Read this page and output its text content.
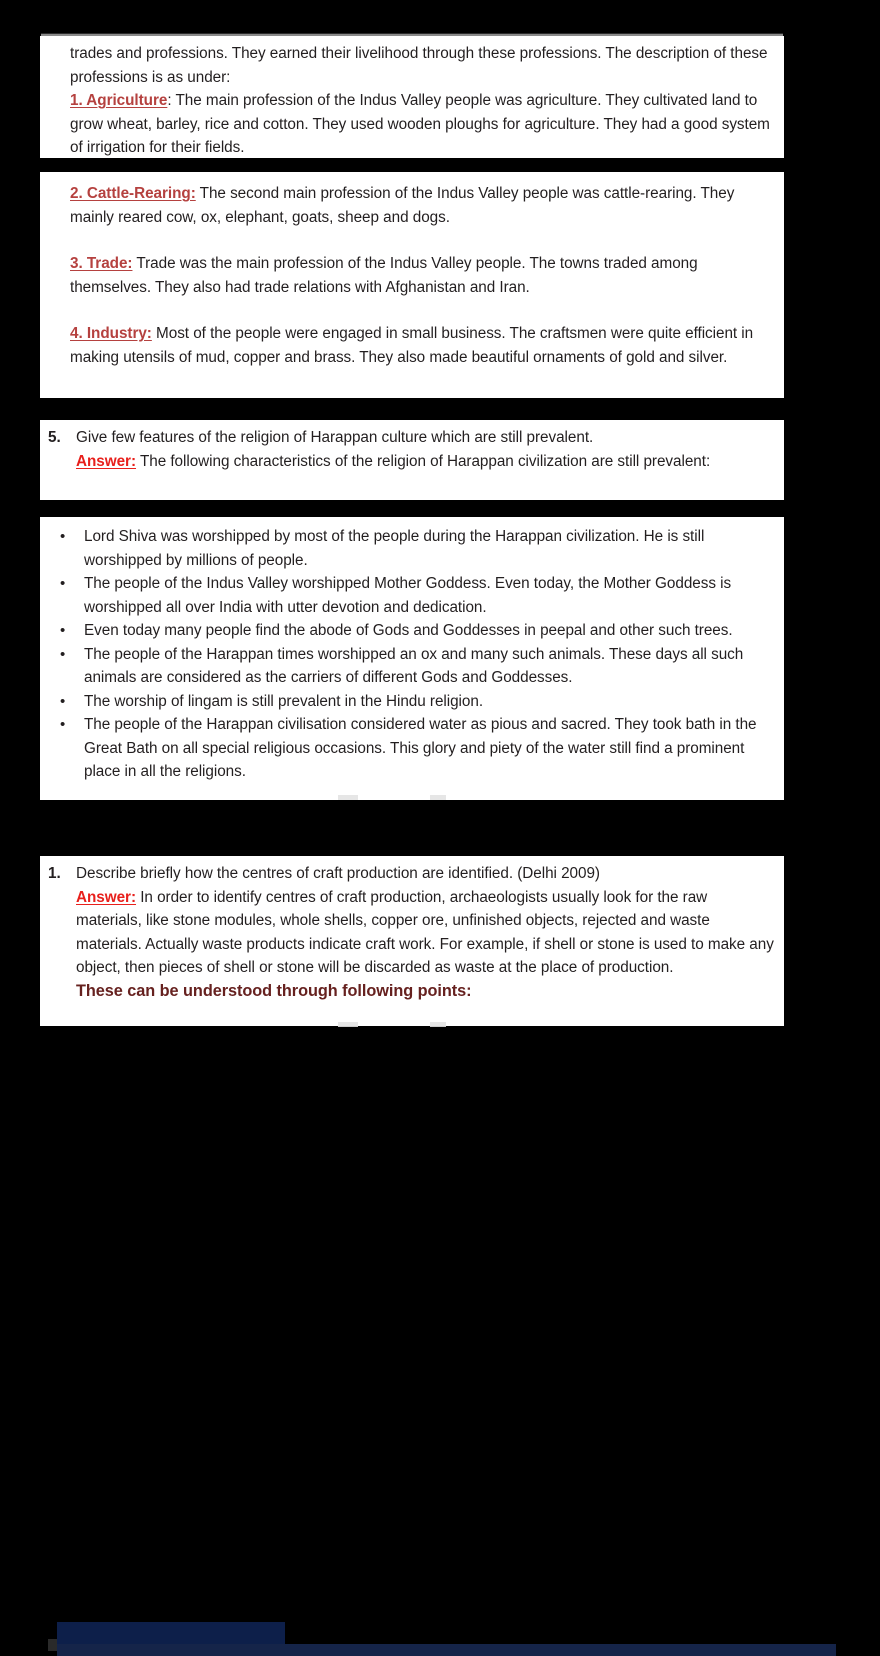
trades and professions. They earned their livelihood through these professions. The description of these professions is as under:

1. Agriculture: The main profession of the Indus Valley people was agriculture. They cultivated land to grow wheat, barley, rice and cotton. They used wooden ploughs for agriculture. They had a good system of irrigation for their fields.

2. Cattle-Rearing: The second main profession of the Indus Valley people was cattle-rearing. They mainly reared cow, ox, elephant, goats, sheep and dogs.

3. Trade: Trade was the main profession of the Indus Valley people. The towns traded among themselves. They also had trade relations with Afghanistan and Iran.

4. Industry: Most of the people were engaged in small business. The craftsmen were quite efficient in making utensils of mud, copper and brass. They also made beautiful ornaments of gold and silver.

5. Give few features of the religion of Harappan culture which are still prevalent.

Answer: The following characteristics of the religion of Harappan civilization are still prevalent:

•	Lord Shiva was worshipped by most of the people during the Harappan civilization. He is still worshipped by millions of people.
•	The people of the Indus Valley worshipped Mother Goddess. Even today, the Mother Goddess is worshipped all over India with utter devotion and dedication.
•	Even today many people find the abode of Gods and Goddesses in peepal and other such trees.
•	The people of the Harappan times worshipped an ox and many such animals. These days all such animals are considered as the carriers of different Gods and Goddesses.
•	The worship of lingam is still prevalent in the Hindu religion.
•	The people of the Harappan civilisation considered water as pious and sacred. They took bath in the Great Bath on all special religious occasions. This glory and piety of the water still find a prominent place in all the religions.
1. Describe briefly how the centres of craft production are identified. (Delhi 2009)

Answer: In order to identify centres of craft production, archaeologists usually look for the raw materials, like stone modules, whole shells, copper ore, unfinished objects, rejected and waste materials. Actually waste products indicate craft work. For example, if shell or stone is used to make any object, then pieces of shell or stone will be discarded as waste at the place of production.

These can be understood through following points:
